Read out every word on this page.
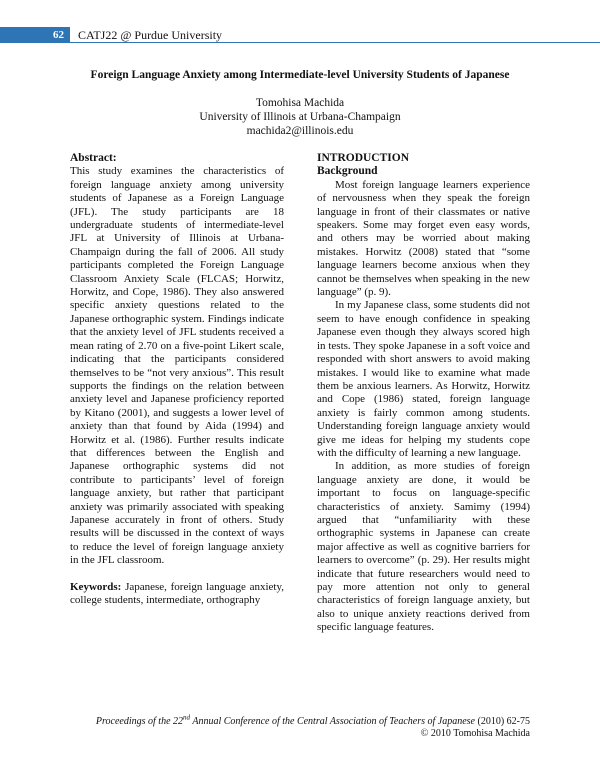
62	CATJ22 @ Purdue University
Foreign Language Anxiety among Intermediate-level University Students of Japanese
Tomohisa Machida
University of Illinois at Urbana-Champaign
machida2@illinois.edu
Abstract:

This study examines the characteristics of foreign language anxiety among university students of Japanese as a Foreign Language (JFL). The study participants are 18 undergraduate students of intermediate-level JFL at University of Illinois at Urbana-Champaign during the fall of 2006. All study participants completed the Foreign Language Classroom Anxiety Scale (FLCAS; Horwitz, Horwitz, and Cope, 1986). They also answered specific anxiety questions related to the Japanese orthographic system. Findings indicate that the anxiety level of JFL students received a mean rating of 2.70 on a five-point Likert scale, indicating that the participants considered themselves to be “not very anxious”. This result supports the findings on the relation between anxiety level and Japanese proficiency reported by Kitano (2001), and suggests a lower level of anxiety than that found by Aida (1994) and Horwitz et al. (1986). Further results indicate that differences between the English and Japanese orthographic systems did not contribute to participants’ level of foreign language anxiety, but rather that participant anxiety was primarily associated with speaking Japanese accurately in front of others. Study results will be discussed in the context of ways to reduce the level of foreign language anxiety in the JFL classroom.

Keywords: Japanese, foreign language anxiety, college students, intermediate, orthography
INTRODUCTION
Background

Most foreign language learners experience of nervousness when they speak the foreign language in front of their classmates or native speakers. Some may forget even easy words, and others may be worried about making mistakes. Horwitz (2008) stated that “some language learners become anxious when they cannot be themselves when speaking in the new language” (p. 9).

In my Japanese class, some students did not seem to have enough confidence in speaking Japanese even though they always scored high in tests. They spoke Japanese in a soft voice and responded with short answers to avoid making mistakes. I would like to examine what made them be anxious learners. As Horwitz, Horwitz and Cope (1986) stated, foreign language anxiety is fairly common among students. Understanding foreign language anxiety would give me ideas for helping my students cope with the difficulty of learning a new language.

In addition, as more studies of foreign language anxiety are done, it would be important to focus on language-specific characteristics of anxiety. Samimy (1994) argued that “unfamiliarity with these orthographic systems in Japanese can create major affective as well as cognitive barriers for learners to overcome” (p. 29). Her results might indicate that future researchers would need to pay more attention not only to general characteristics of foreign language anxiety, but also to unique anxiety reactions derived from specific language features.

Proceedings of the 22nd Annual Conference of the Central Association of Teachers of Japanese (2010) 62-75
© 2010 Tomohisa Machida
